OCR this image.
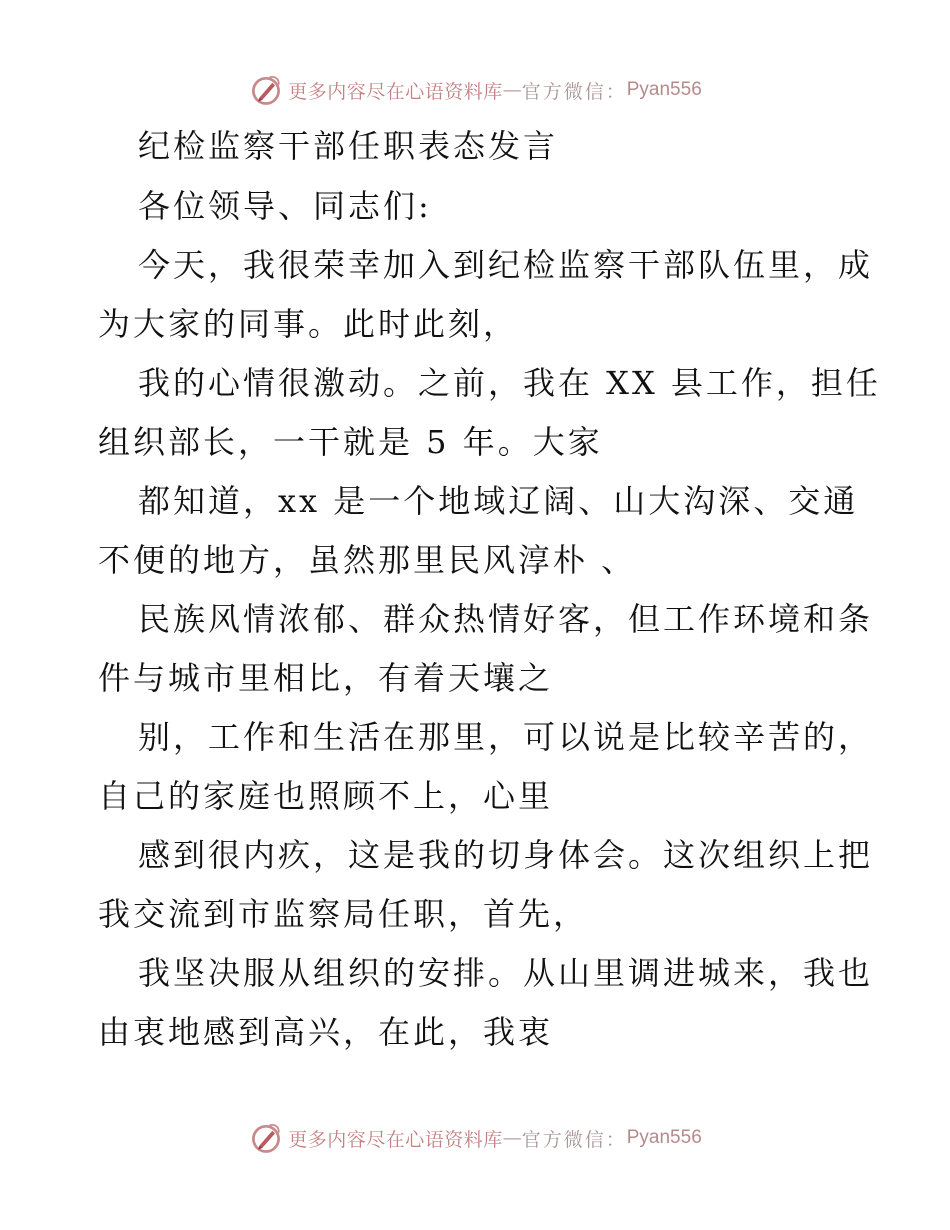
更多内容尽在心语资料库 — 官方微信： Pyan556
纪检监察干部任职表态发言
各位领导、同志们:
今天，我很荣幸加入到纪检监察干部队伍里，成
为大家的同事。此时此刻，
我的心情很激动。之前，我在 XX 县工作，担任
组织部长，一干就是 5 年。大家
都知道，xx 是一个地域辽阔、山大沟深、交通
不便的地方，虽然那里民风淳朴 、
民族风情浓郁、群众热情好客，但工作环境和条
件与城市里相比，有着天壤之
别，工作和生活在那里，可以说是比较辛苦的，
自己的家庭也照顾不上，心里
感到很内疚，这是我的切身体会。这次组织上把
我交流到市监察局任职，首先，
我坚决服从组织的安排。从山里调进城来，我也
由衷地感到高兴，在此，我衷
更多内容尽在心语资料库 — 官方微信： Pyan556
